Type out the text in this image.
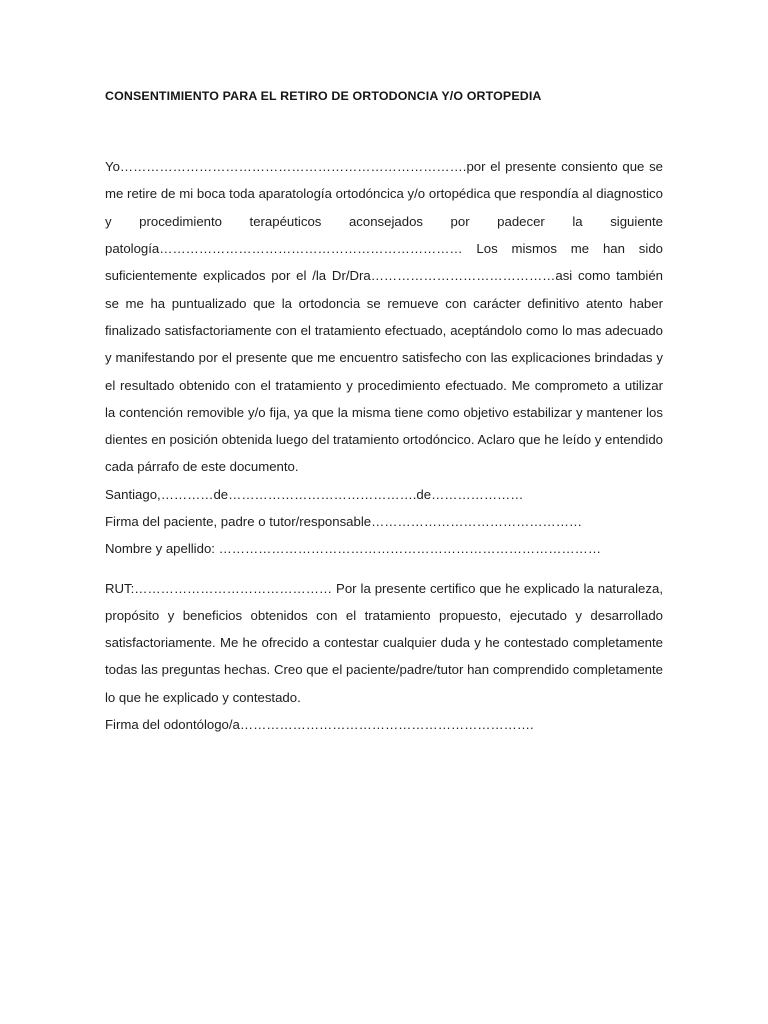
CONSENTIMIENTO PARA EL RETIRO DE ORTODONCIA Y/O ORTOPEDIA

Yo…………………………………………………………………….por el presente consiento que se me retire de mi boca toda aparatología ortodóncica y/o ortopédica que respondía al diagnostico y procedimiento terapéuticos aconsejados por padecer la siguiente patología…………………………………………………………… Los mismos me han sido suficientemente explicados por el /la Dr/Dra……………………………………asi como también se me ha puntualizado que la ortodoncia se remueve con carácter definitivo atento haber finalizado satisfactoriamente con el tratamiento efectuado, aceptándolo como lo mas adecuado y manifestando por el presente que me encuentro satisfecho con las explicaciones brindadas y el resultado obtenido con el tratamiento y procedimiento efectuado. Me comprometo a utilizar la contención removible y/o fija, ya que la misma tiene como objetivo estabilizar y mantener los dientes en posición obtenida luego del tratamiento ortodóncico. Aclaro que he leído y entendido cada párrafo de este documento.

Santiago,…………de…………………………………….de…………………

Firma del paciente, padre o tutor/responsable…………………………………………

Nombre y apellido: ……………………………………………………………………………

RUT:……………………………………… Por la presente certifico que he explicado la naturaleza, propósito y beneficios obtenidos con el tratamiento propuesto, ejecutado y desarrollado satisfactoriamente. Me he ofrecido a contestar cualquier duda y he contestado completamente todas las preguntas hechas. Creo que el paciente/padre/tutor han comprendido completamente lo que he explicado y contestado.

Firma del odontólogo/a………………………………………………………….
